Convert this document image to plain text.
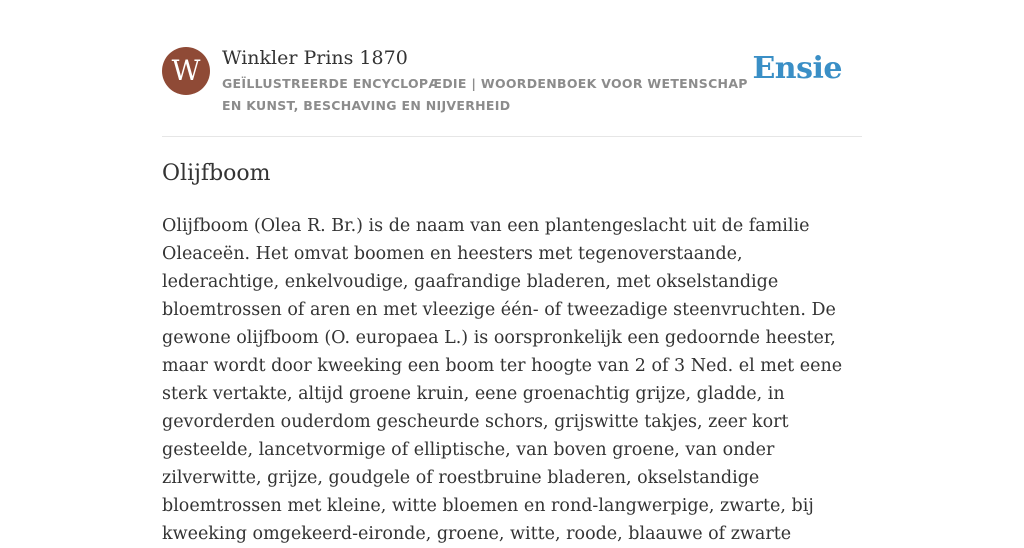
W	Winkler Prins 1870
GEÏLLUSTREERDE ENCYCLOPÆDIE | WOORDENBOEK VOOR WETENSCHAP EN KUNST, BESCHAVING EN NIJVERHEID
Ensie
Olijfboom

Olijfboom (Olea R. Br.) is de naam van een plantengeslacht uit de familie Oleaceën. Het omvat boomen en heesters met tegenoverstaande, lederachtige, enkelvoudige, gaafrandige bladeren, met okselstandige bloemtrossen of aren en met vleezige één- of tweezadige steenvruchten. De gewone olijfboom (O. europaea L.) is oorspronkelijk een gedoornde heester, maar wordt door kweeking een boom ter hoogte van 2 of 3 Ned. el met eene sterk vertakte, altijd groene kruin, eene groenachtig grijze, gladde, in gevorderden ouderdom gescheurde schors, grijswitte takjes, zeer kort gesteelde, lancetvormige of elliptische, van boven groene, van onder zilverwitte, grijze, goudgele of roestbruine bladeren, okselstandige bloemtrossen met kleine, witte bloemen en rond-langwerpige, zwarte, bij kweeking omgekeerd-eironde, groene, witte, roode, blaauwe of zwarte
